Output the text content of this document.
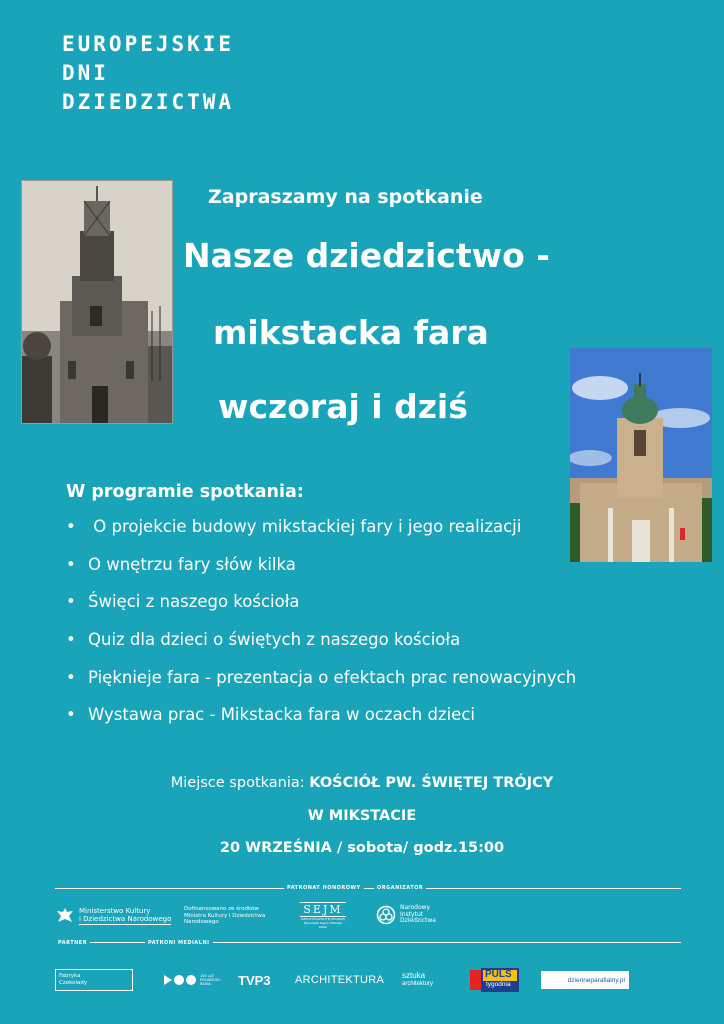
EUROPEJSKIE
DNI
DZIEDZICTWA
Zapraszamy na spotkanie
Nasze dziedzictwo -
mikstacka fara
wczoraj i dziś
W programie spotkania:
• O projekcie budowy mikstackiej fary i jego realizacji
• O wnętrzu fary słów kilka
• Święci z naszego kościoła
• Quiz dla dzieci o świętych z naszego kościoła
• Pięknieje fara - prezentacja o efektach prac renowacyjnych
• Wystawa prac - Mikstacka fara w oczach dzieci
Miejsce spotkania: KOŚCIÓŁ PW. ŚWIĘTEJ TRÓJCY
W MIKSTACIE
20 WRZEŚNIA / sobota/ godz.15:00
PATRONAT HONOROWY	ORGANIZATOR
Ministerstwo Kultury
i Dziedzictwa Narodowego
Dofinansowano ze środków
Ministra Kultury i Dziedzictwa
Narodowego
SEJM
RZECZYPOSPOLITEJ POLSKIEJ
Marszałek Sejmu Elżbieta Witek
Narodowy
Instytut
Dziedzictwa
PARTNER	PATRONI MEDIALNI
Fabryka
Czekolady
100 LAT
POLSKIEGO
RADIA	TVP3 ARCHITEKTURA sztuka
architektury
PULS
tygodnia
dzienneparafialny.pl
